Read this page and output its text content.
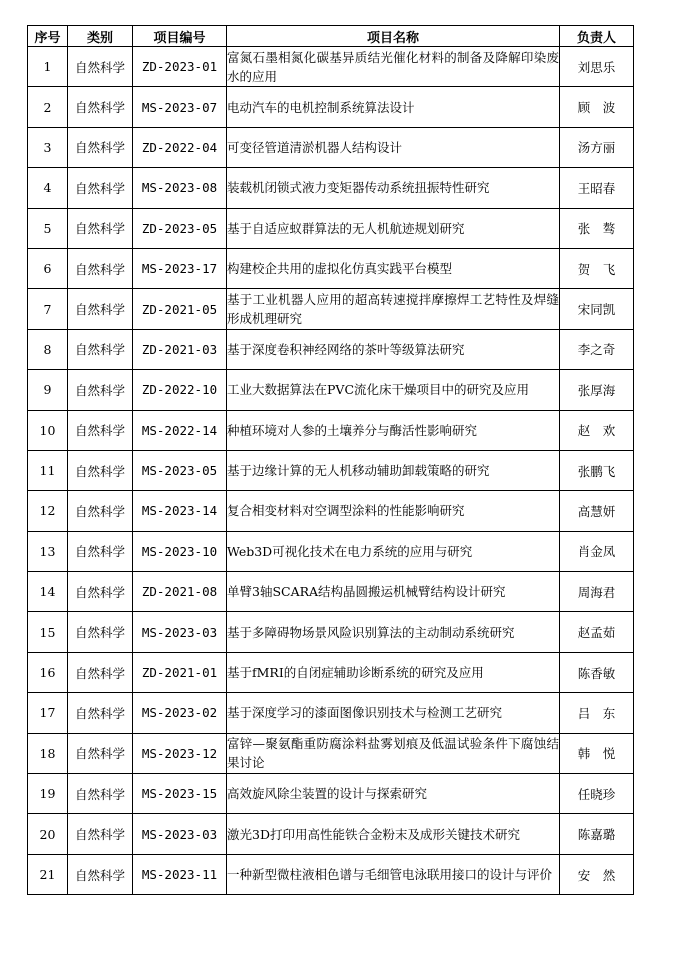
序号	类别	项目编号	项目名称	负责人
1	自然科学	ZD-2023-01	富氮石墨相氮化碳基异质结光催化材料的制备及降解印染废水的应用	刘思乐
2	自然科学	MS-2023-07	电动汽车的电机控制系统算法设计	顾　波
3	自然科学	ZD-2022-04	可变径管道清淤机器人结构设计	汤方丽
4	自然科学	MS-2023-08	装载机闭锁式液力变矩器传动系统扭振特性研究	王昭春
5	自然科学	ZD-2023-05	基于自适应蚁群算法的无人机航迹规划研究	张　骜
6	自然科学	MS-2023-17	构建校企共用的虚拟化仿真实践平台模型	贺　飞
7	自然科学	ZD-2021-05	基于工业机器人应用的超高转速搅拌摩擦焊工艺特性及焊缝形成机理研究	宋同凯
8	自然科学	ZD-2021-03	基于深度卷积神经网络的茶叶等级算法研究	李之奇
9	自然科学	ZD-2022-10	工业大数据算法在PVC流化床干燥项目中的研究及应用	张厚海
10	自然科学	MS-2022-14	种植环境对人参的土壤养分与酶活性影响研究	赵　欢
11	自然科学	MS-2023-05	基于边缘计算的无人机移动辅助卸载策略的研究	张鹏飞
12	自然科学	MS-2023-14	复合相变材料对空调型涂料的性能影响研究	高慧妍
13	自然科学	MS-2023-10	Web3D可视化技术在电力系统的应用与研究	肖金凤
14	自然科学	ZD-2021-08	单臂3轴SCARA结构晶圆搬运机械臂结构设计研究	周海君
15	自然科学	MS-2023-03	基于多障碍物场景风险识别算法的主动制动系统研究	赵孟茹
16	自然科学	ZD-2021-01	基于fMRI的自闭症辅助诊断系统的研究及应用	陈香敏
17	自然科学	MS-2023-02	基于深度学习的漆面图像识别技术与检测工艺研究	吕　东
18	自然科学	MS-2023-12	富锌—聚氨酯重防腐涂料盐雾划痕及低温试验条件下腐蚀结果讨论	韩　悦
19	自然科学	MS-2023-15	高效旋风除尘装置的设计与探索研究	任晓珍
20	自然科学	MS-2023-03	激光3D打印用高性能铁合金粉末及成形关键技术研究	陈嘉璐
21	自然科学	MS-2023-11	一种新型微柱液相色谱与毛细管电泳联用接口的设计与评价	安　然
